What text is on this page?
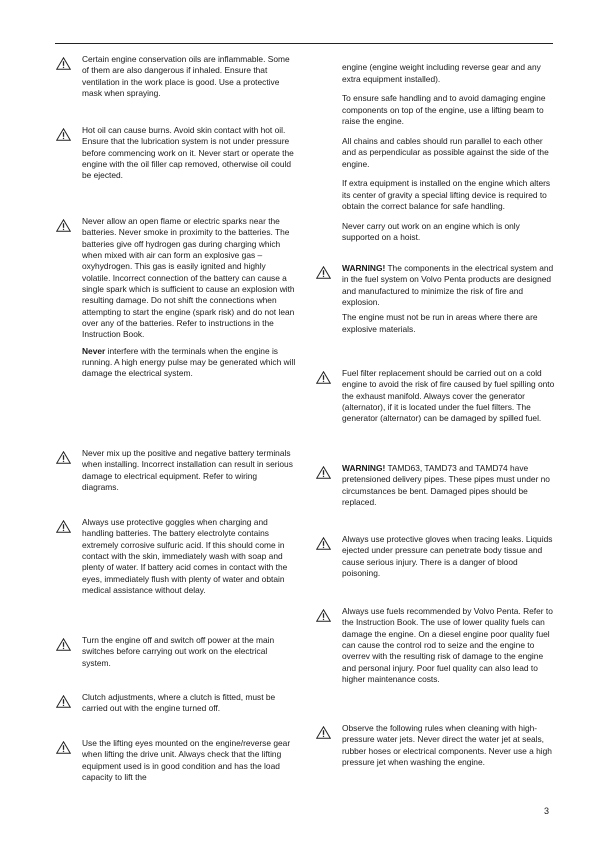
Certain engine conservation oils are inflammable. Some of them are also dangerous if inhaled. Ensure that ventilation in the work place is good. Use a protective mask when spraying.
Hot oil can cause burns. Avoid skin contact with hot oil. Ensure that the lubrication system is not under pressure before commencing work on it. Never start or operate the engine with the oil filler cap removed, otherwise oil could be ejected.

Never allow an open flame or electric sparks near the batteries. Never smoke in proximity to the batteries. The batteries give off hydrogen gas during charging which when mixed with air can form an explosive gas – oxyhydrogen. This gas is easily ignited and highly volatile. Incorrect connection of the battery can cause a single spark which is sufficient to cause an explosion with resulting damage. Do not shift the connections when attempting to start the engine (spark risk) and do not lean over any of the batteries. Refer to instructions in the Instruction Book.

Never interfere with the terminals when the engine is running. A high energy pulse may be generated which will damage the electrical system.

Never mix up the positive and negative battery terminals when installing. Incorrect installation can result in serious damage to electrical equipment. Refer to wiring diagrams.
Always use protective goggles when charging and handling batteries. The battery electrolyte contains extremely corrosive sulfuric acid. If this should come in contact with the skin, immediately wash with soap and plenty of water. If battery acid comes in contact with the eyes, immediately flush with plenty of water and obtain medical assistance without delay.
Turn the engine off and switch off power at the main switches before carrying out work on the electrical system.
Clutch adjustments, where a clutch is fitted, must be carried out with the engine turned off.
Use the lifting eyes mounted on the engine/reverse gear when lifting the drive unit. Always check that the lifting equipment used is in good condition and has the load capacity to lift the

engine (engine weight including reverse gear and any extra equipment installed).

To ensure safe handling and to avoid damaging engine components on top of the engine, use a lifting beam to raise the engine.

All chains and cables should run parallel to each other and as perpendicular as possible against the side of the engine.

If extra equipment is installed on the engine which alters its center of gravity a special lifting device is required to obtain the correct balance for safe handling.

Never carry out work on an engine which is only supported on a hoist.

WARNING! The components in the electrical system and in the fuel system on Volvo Penta products are designed and manufactured to minimize the risk of fire and explosion.

The engine must not be run in areas where there are explosive materials.

Fuel filter replacement should be carried out on a cold engine to avoid the risk of fire caused by fuel spilling onto the exhaust manifold. Always cover the generator (alternator), if it is located under the fuel filters. The generator (alternator) can be damaged by spilled fuel.
WARNING! TAMD63, TAMD73 and TAMD74 have pretensioned delivery pipes. These pipes must under no circumstances be bent. Damaged pipes should be replaced.
Always use protective gloves when tracing leaks. Liquids ejected under pressure can penetrate body tissue and cause serious injury. There is a danger of blood poisoning.
Always use fuels recommended by Volvo Penta. Refer to the Instruction Book. The use of lower quality fuels can damage the engine. On a diesel engine poor quality fuel can cause the control rod to seize and the engine to overrev with the resulting risk of damage to the engine and personal injury. Poor fuel quality can also lead to higher maintenance costs.
Observe the following rules when cleaning with high-pressure water jets. Never direct the water jet at seals, rubber hoses or electrical components. Never use a high pressure jet when washing the engine.
3
